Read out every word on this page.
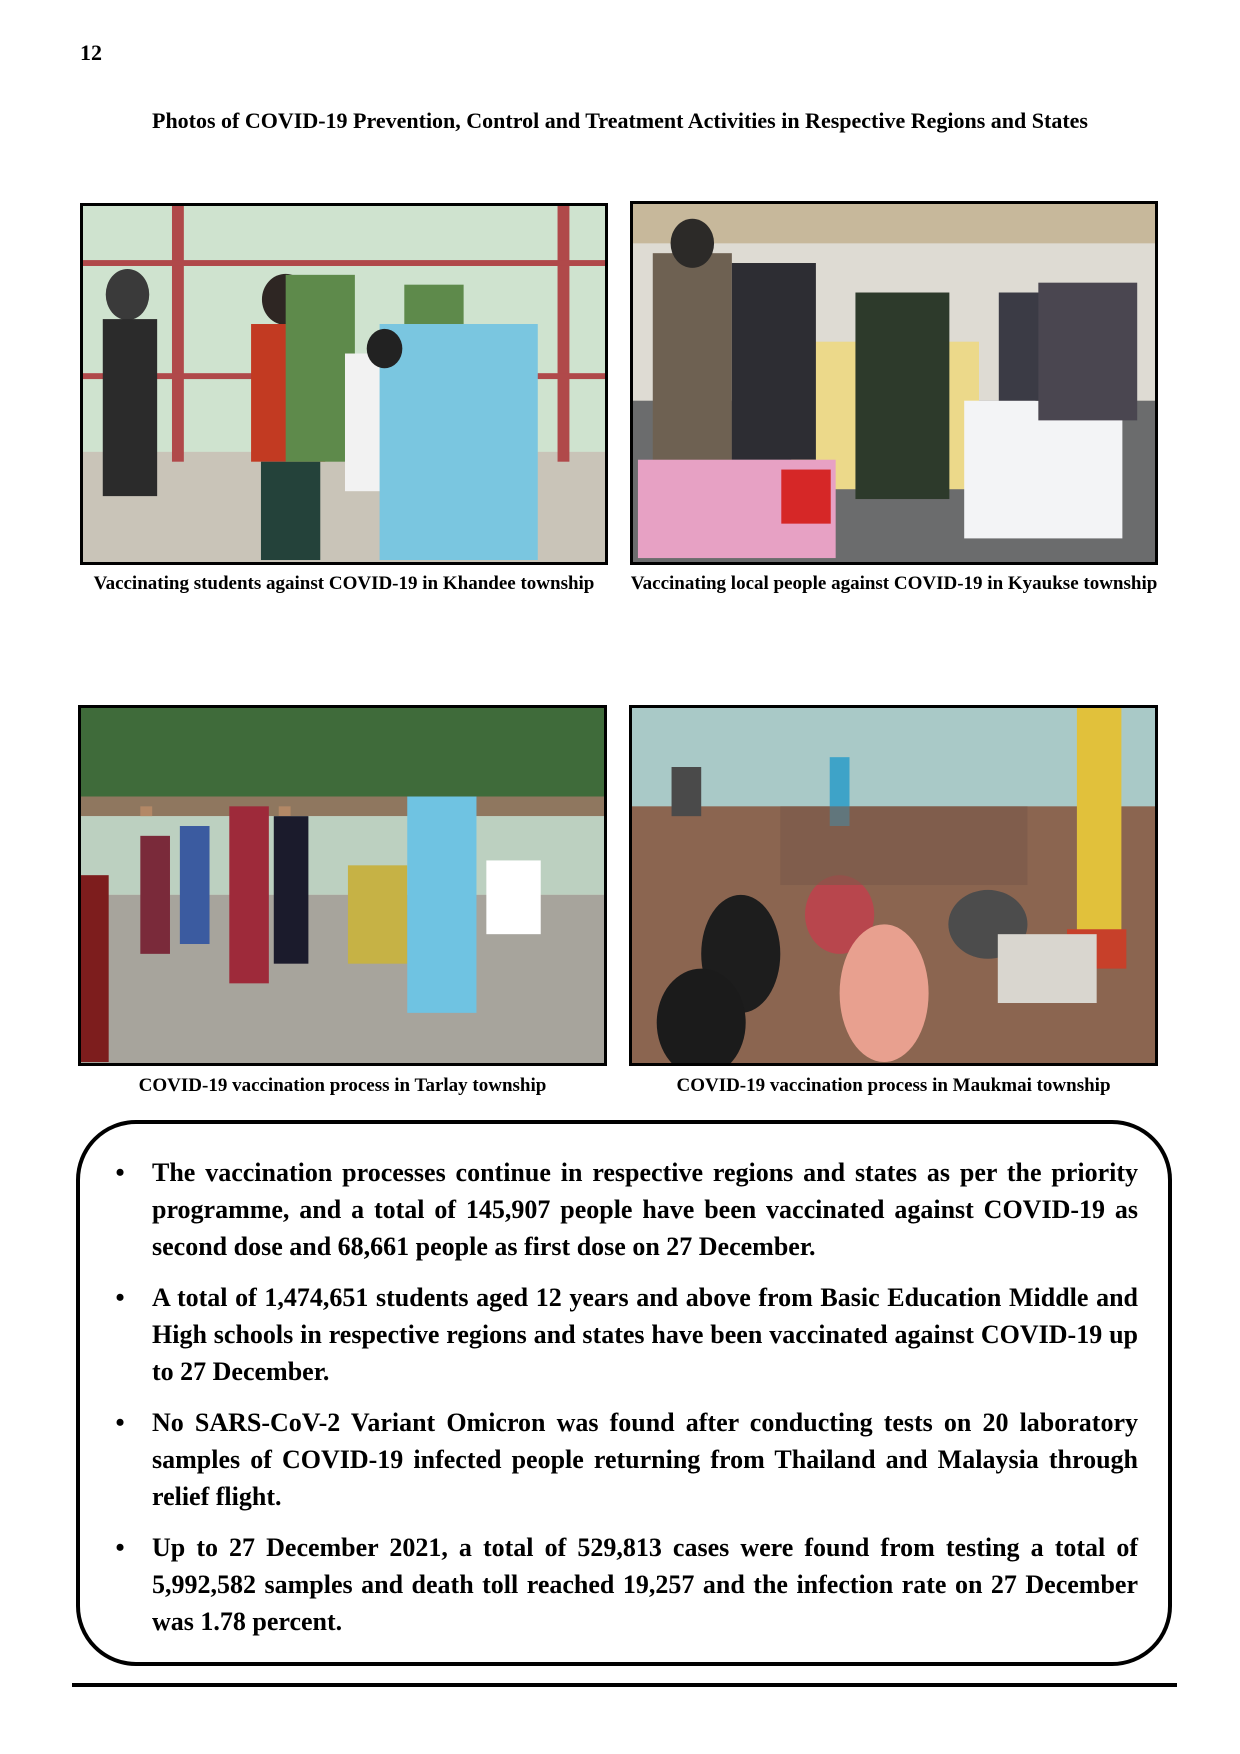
12
Photos of COVID-19 Prevention, Control and Treatment Activities in Respective Regions and States
Vaccinating students against COVID-19 in Khandee township Vaccinating local people against COVID-19 in Kyaukse township
COVID-19 vaccination process in Tarlay township	COVID-19 vaccination process in Maukmai township
• The vaccination processes continue in respective regions and states as per the priority programme, and a total of 145,907 people have been vaccinated against COVID-19 as second dose and 68,661 people as first dose on 27 December.
• A total of 1,474,651 students aged 12 years and above from Basic Education Middle and High schools in respective regions and states have been vaccinated against COVID-19 up to 27 December.
• No SARS-CoV-2 Variant Omicron was found after conducting tests on 20 laboratory samples of COVID-19 infected people returning from Thailand and Malaysia through relief flight.
• Up to 27 December 2021, a total of 529,813 cases were found from testing a total of 5,992,582 samples and death toll reached 19,257 and the infection rate on 27 December was 1.78 percent.
